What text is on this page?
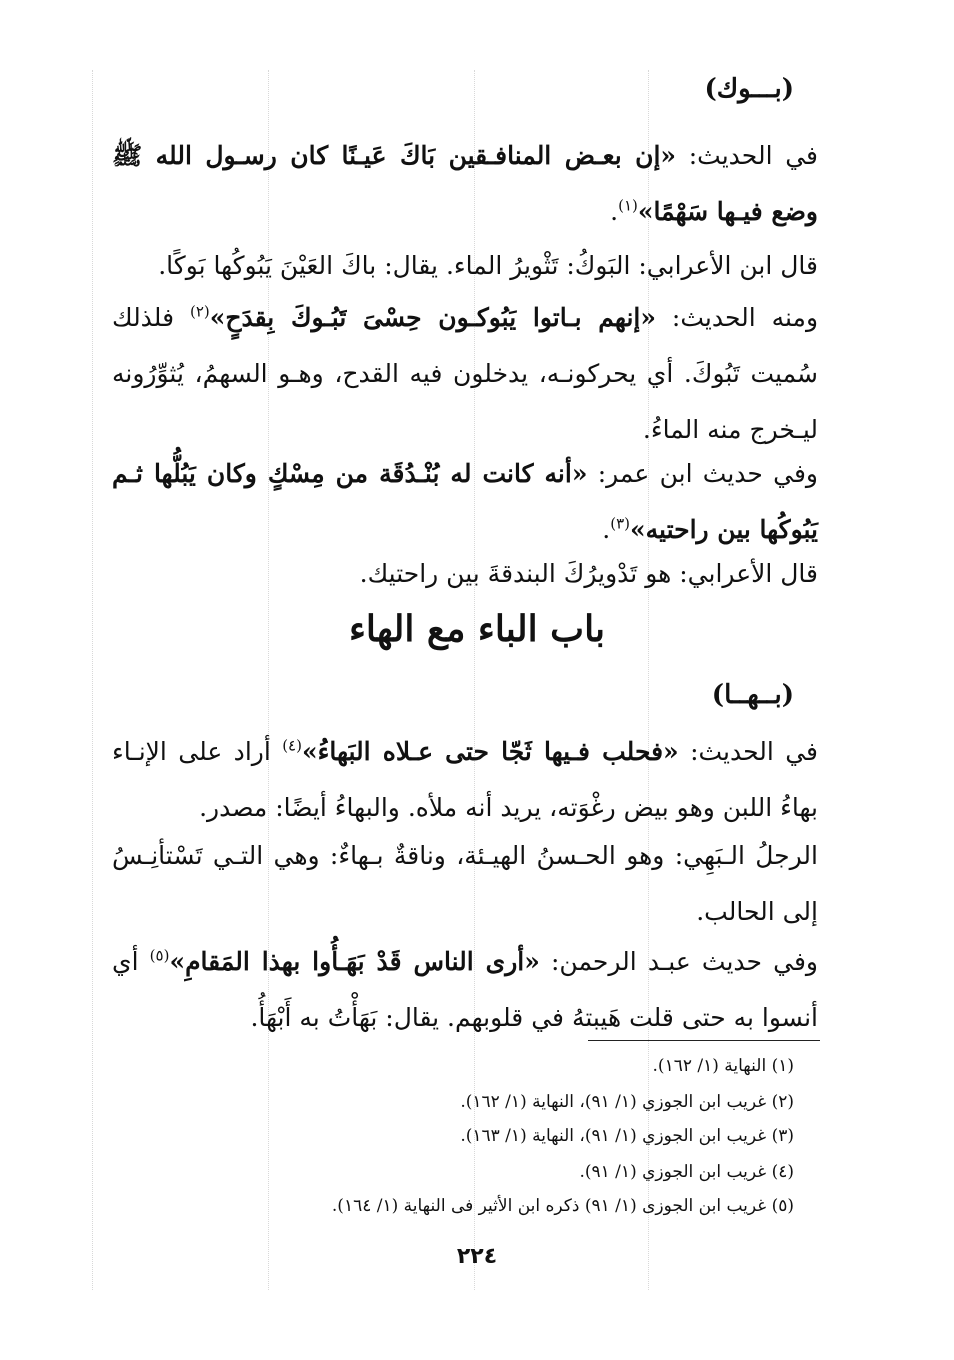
(بـــوك)
في الحديث: «إن بعـض المنافـقين بَاكَ عَيـنًا كان رسـول الله ﷺ وضع فيـها سَهْمًا»$^{(١)}$.
قال ابن الأعرابي: البَوكُ: تَثْويرُ الماء. يقال: باكَ العَيْنَ يَبُوكُها بَوكًا.
ومنه الحديث: «إنهم بـاتوا يَبُوكـون حِسْىَ تَبُـوكَ بِقدَحٍ»$^{(٢)}$ فلذلك سُميت تَبُوكَ. أي يحركونـه، يدخلون فيه القدح، وهـو السهمُ، يُثوِّرُونه ليـخرج منه الماءُ.
وفي حديث ابن عمر: «أنه كانت له بُنْـدُقَة من مِسْكٍ وكان يَبُلُّها ثـم يَبُوكُها بين راحتيه»$^{(٣)}$.
قال الأعرابي: هو تَدْويرُكَ البندقةَ بين راحتيك.
باب الباء مع الهاء
(بــهــا)
في الحديث: «فحلب فـيها ثَجّا حتى عـلاه البَهاءُ»$^{(٤)}$ أراد على الإنـاء بهاءُ اللبن وهو بيض رغْوَته، يريد أنه ملأه. والبهاءُ أيضًا: مصدر.
الرجلُ الـبَهِي: وهو الحـسنُ الهيـئة، وناقةٌ بـهاءٌ: وهي التـي تَسْتأنِـسُ إلى الحالب.
وفي حديث عبـد الرحمن: «أرى الناس قَدْ بَهَـأُوا بهذا المَقامِ»$^{(٥)}$ أي أنسوا به حتى قلت هَيبتهُ في قلوبهم. يقال: بَهَأْتُ به أَبْهَأُ.
(١) النهاية (١/ ١٦٢).
(٢) غريب ابن الجوزي (١/ ٩١)، النهاية (١/ ١٦٢).
(٣) غريب ابن الجوزي (١/ ٩١)، النهاية (١/ ١٦٣).
(٤) غريب ابن الجوزي (١/ ٩١).
(٥) غريب ابن الجوزى (١/ ٩١) ذكره ابن الأثير فى النهاية (١/ ١٦٤).
٢٢٤
